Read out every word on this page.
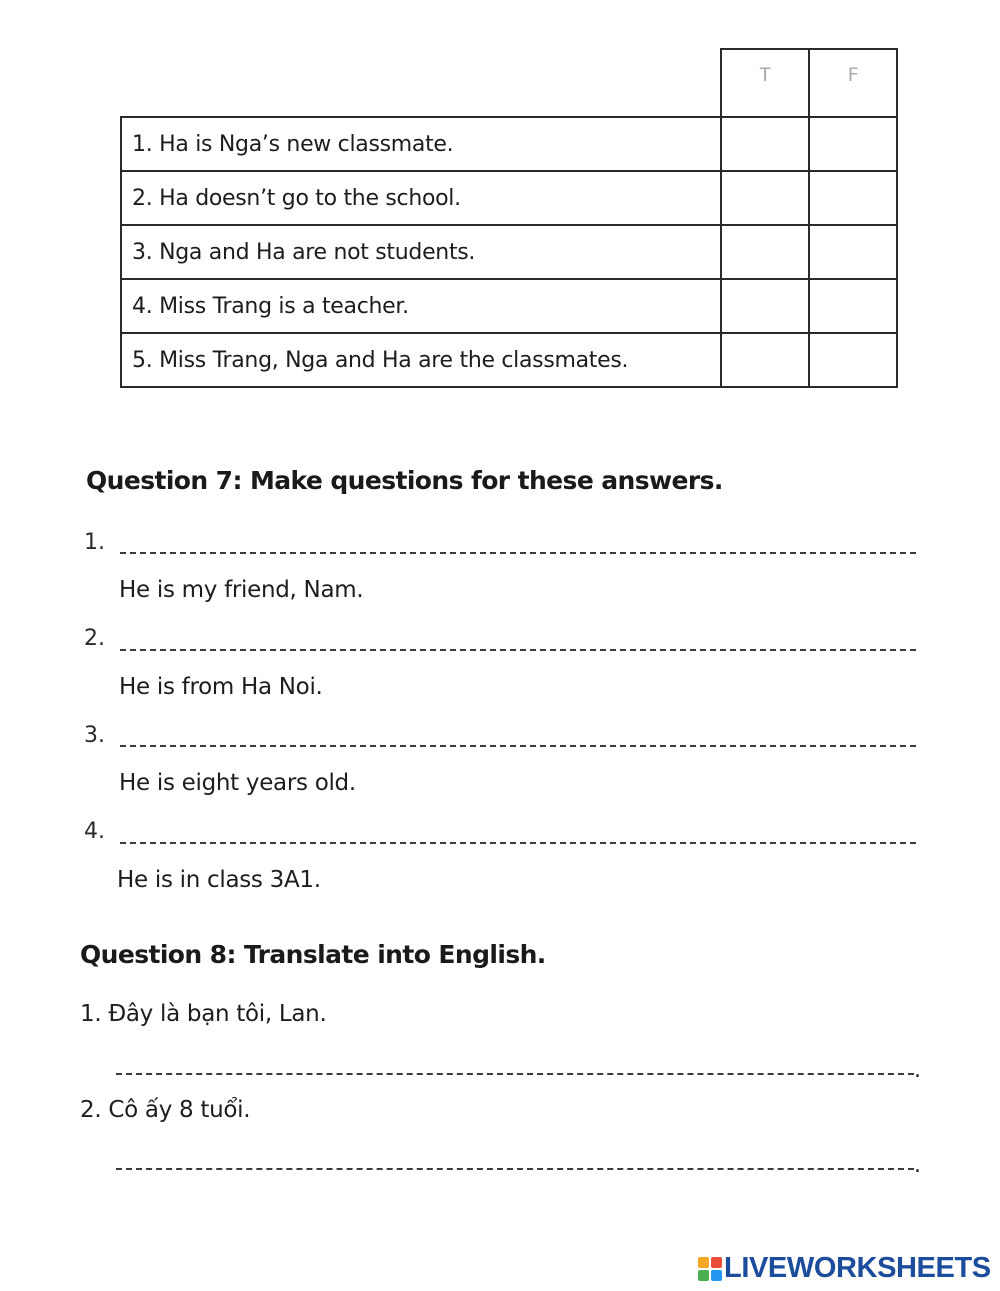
	T	F
1. Ha is Nga’s new classmate.		
2. Ha doesn’t go to the school.		
3. Nga and Ha are not students.		
4. Miss Trang is a teacher.		
5. Miss Trang, Nga and Ha are the classmates.		
Question 7: Make questions for these answers.
1.
He is my friend, Nam.
2.
He is from Ha Noi.
3.
He is eight years old.
4.
He is in class 3A1.
Question 8: Translate into English.
1. Đây là bạn tôi, Lan.
.
2. Cô ấy 8 tuổi.
.
LIVEWORKSHEETS
